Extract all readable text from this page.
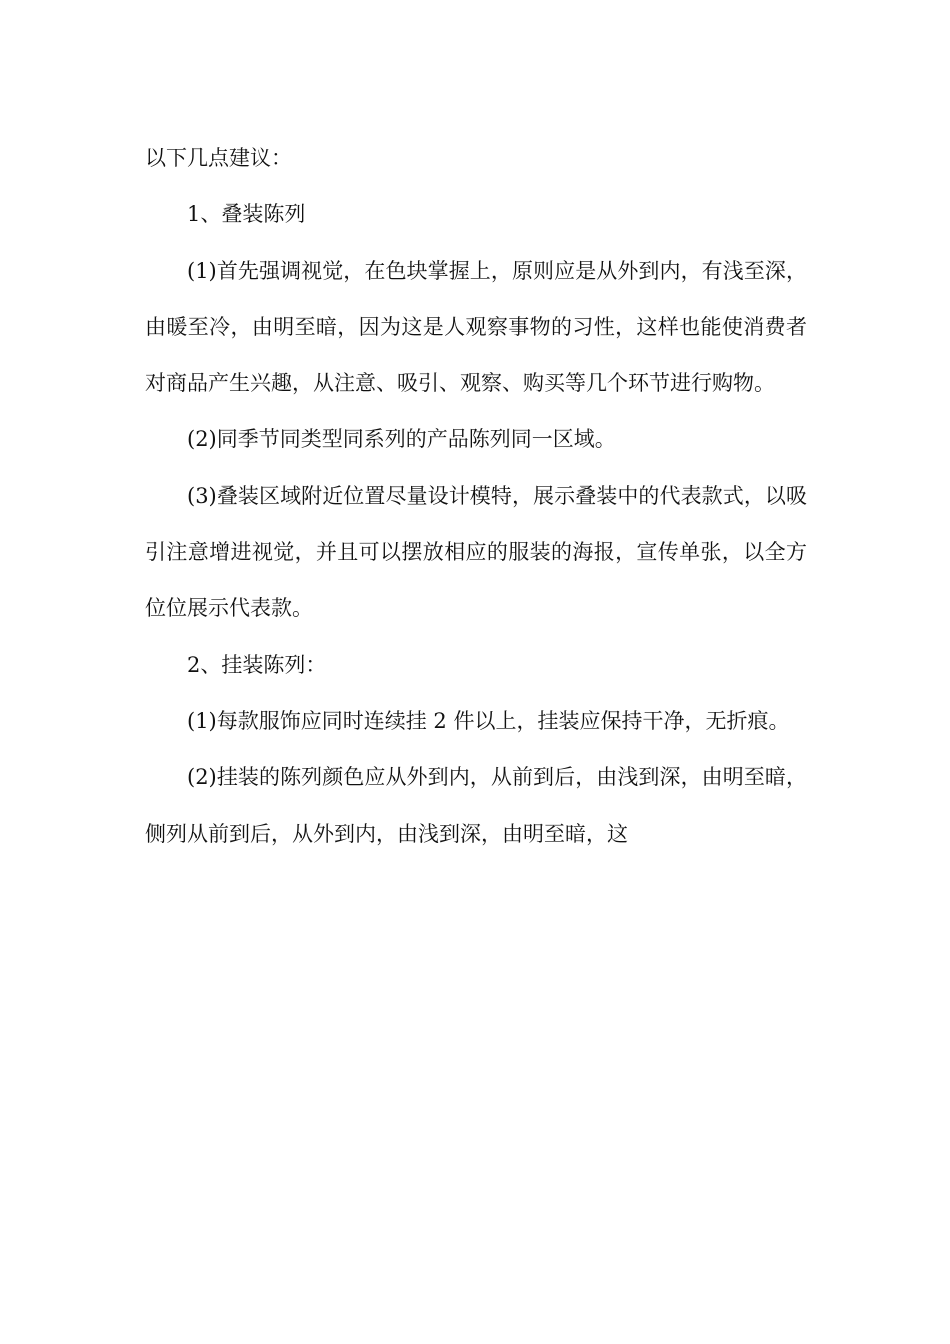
以下几点建议：

1、叠装陈列

(1)首先强调视觉，在色块掌握上，原则应是从外到内，有浅至深，由暖至冷，由明至暗，因为这是人观察事物的习性，这样也能使消费者对商品产生兴趣，从注意、吸引、观察、购买等几个环节进行购物。

(2)同季节同类型同系列的产品陈列同一区域。

(3)叠装区域附近位置尽量设计模特，展示叠装中的代表款式，以吸引注意增进视觉，并且可以摆放相应的服装的海报，宣传单张，以全方位位展示代表款。

2、挂装陈列：

(1)每款服饰应同时连续挂 2 件以上，挂装应保持干净，无折痕。

(2)挂装的陈列颜色应从外到内，从前到后，由浅到深，由明至暗，侧列从前到后，从外到内，由浅到深，由明至暗，这
